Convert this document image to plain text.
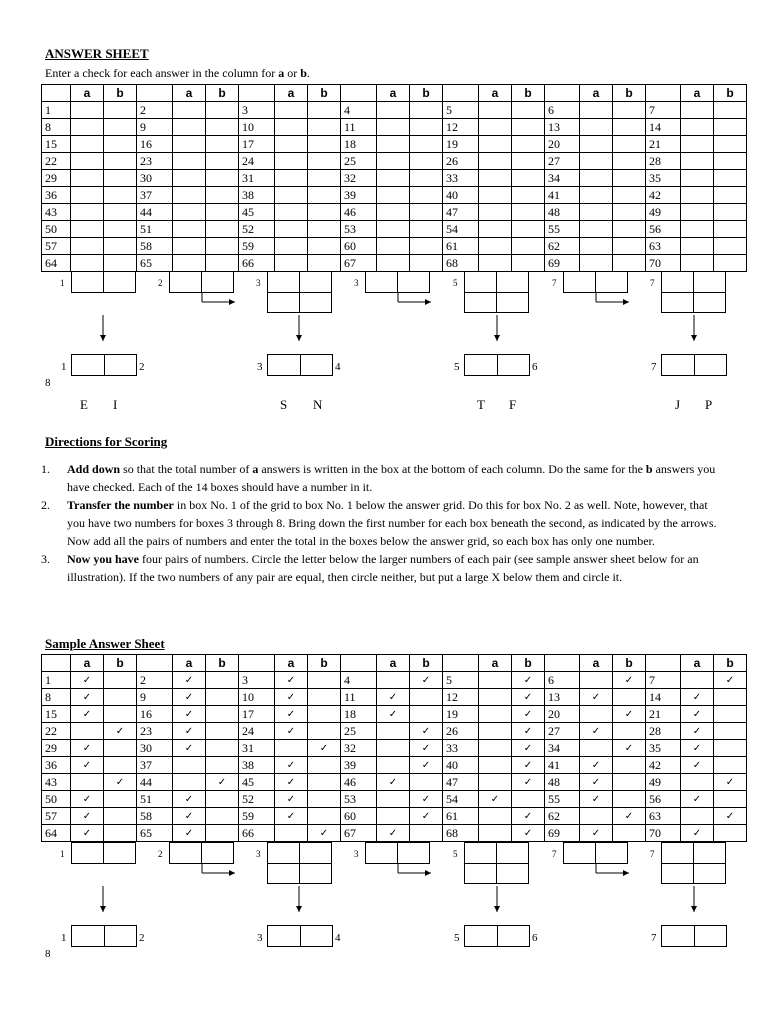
ANSWER SHEET
Enter a check for each answer in the column for a or b.
	a	b		a	b		a	b		a	b		a	b		a	b		a	b
1			2			3			4			5			6			7		
8			9			10			11			12			13			14		
15			16			17			18			19			20			21		
22			23			24			25			26			27			28		
29			30			31			32			33			34			35		
36			37			38			39			40			41			42		
43			44			45			46			47			48			49		
50			51			52			53			54			55			56		
57			58			59			60			61			62			63		
64			65			66			67			68			69			70		
1	2	3	3	5	7	7
1	2	3	4	5	6	7
8
E I	S N	T F	J P
Directions for Scoring
1.	Add down so that the total number of a answers is written in the box at the bottom of each column. Do the same for the b answers you have checked. Each of the 14 boxes should have a number in it.
2.	Transfer the number in box No. 1 of the grid to box No. 1 below the answer grid. Do this for box No. 2 as well. Note, however, that you have two numbers for boxes 3 through 8. Bring down the first number for each box beneath the second, as indicated by the arrows. Now add all the pairs of numbers and enter the total in the boxes below the answer grid, so each box has only one number.
3.	Now you have four pairs of numbers. Circle the letter below the larger numbers of each pair (see sample answer sheet below for an illustration). If the two numbers of any pair are equal, then circle neither, but put a large X below them and circle it.
Sample Answer Sheet
	a	b		a	b		a	b		a	b		a	b		a	b		a	b
1	✓		2	✓		3	✓		4		✓	5		✓	6		✓	7		✓
8	✓		9	✓		10	✓		11	✓		12		✓	13	✓		14	✓	
15	✓		16	✓		17	✓		18	✓		19		✓	20		✓	21	✓	
22		✓	23	✓		24	✓		25		✓	26		✓	27	✓		28	✓	
29	✓		30	✓		31		✓	32		✓	33		✓	34		✓	35	✓	
36	✓		37			38	✓		39		✓	40		✓	41	✓		42	✓	
43		✓	44		✓	45	✓		46	✓		47		✓	48	✓		49		✓
50	✓		51	✓		52	✓		53		✓	54	✓		55	✓		56	✓	
57	✓		58	✓		59	✓		60		✓	61		✓	62		✓	63		✓
64	✓		65	✓		66		✓	67	✓		68		✓	69	✓		70	✓	
1	2	3	3	5	7	7
1	2	3	4	5	6	7
8
